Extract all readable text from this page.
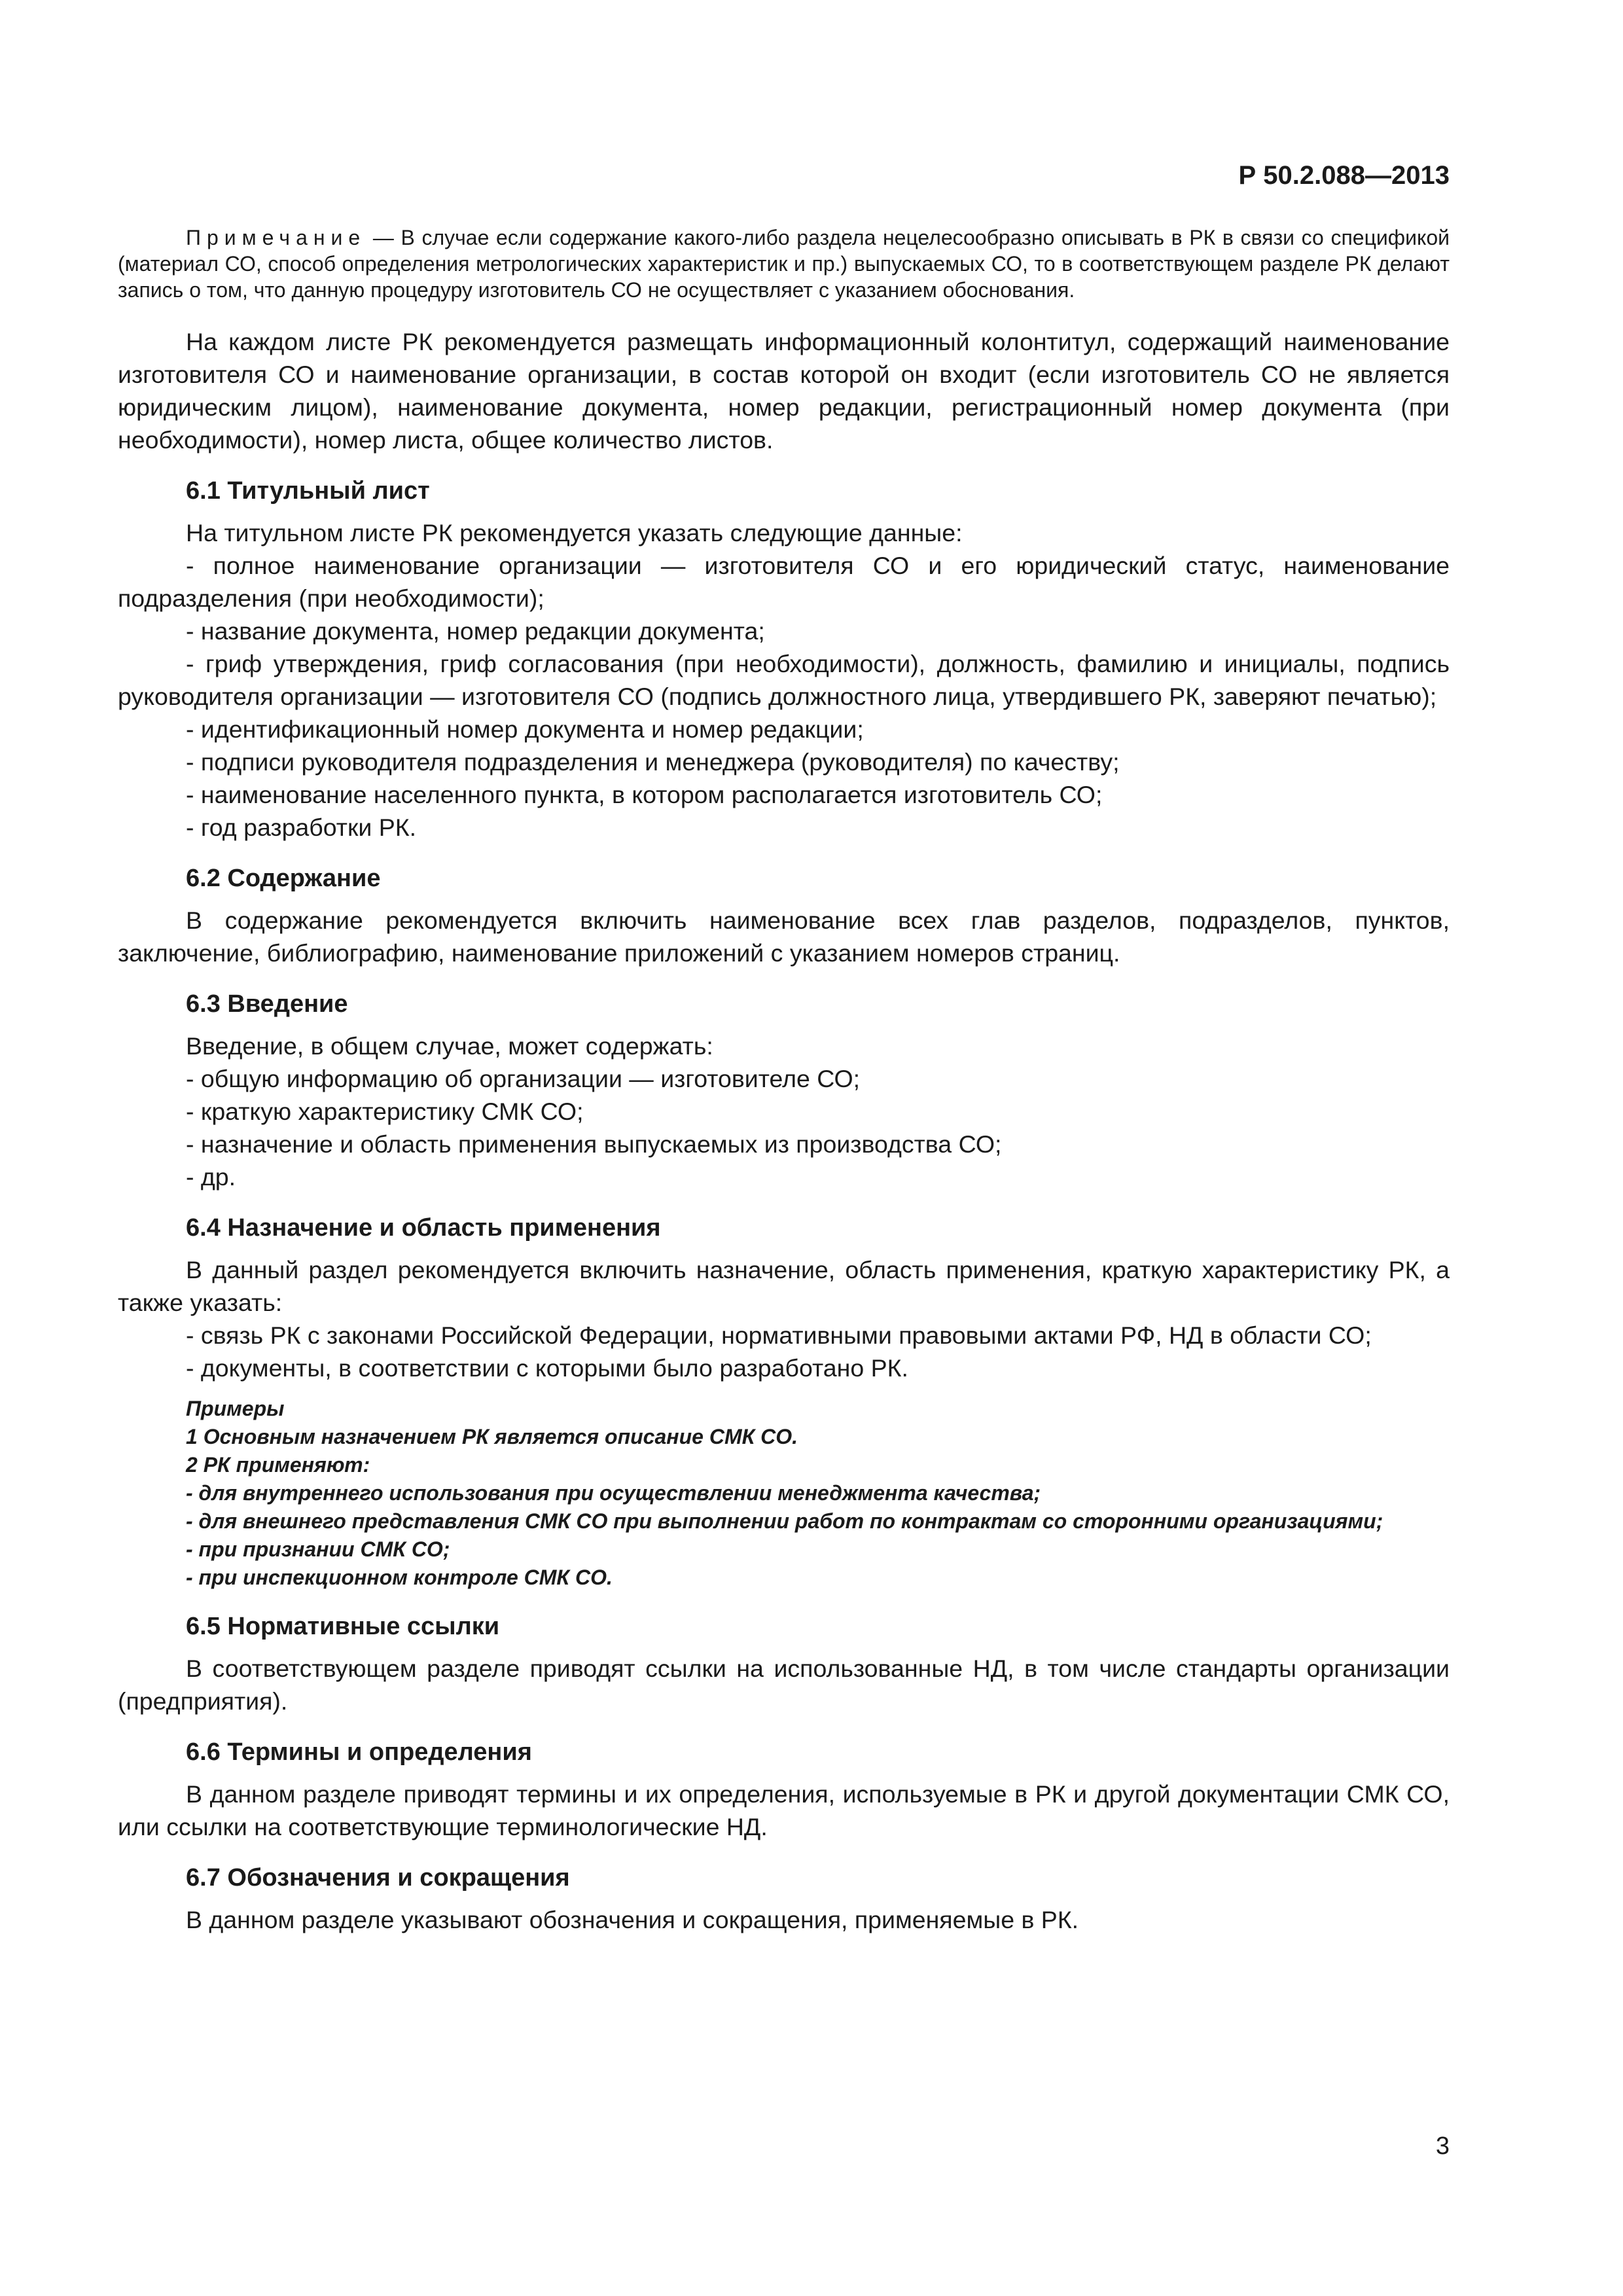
Р 50.2.088—2013

Примечание — В случае если содержание какого-либо раздела нецелесообразно описывать в РК в связи со спецификой (материал СО, способ определения метрологических характеристик и пр.) выпускаемых СО, то в соответствующем разделе РК делают запись о том, что данную процедуру изготовитель СО не осуществляет с указанием обоснования.

На каждом листе РК рекомендуется размещать информационный колонтитул, содержащий наименование изготовителя СО и наименование организации, в состав которой он входит (если изготовитель СО не является юридическим лицом), наименование документа, номер редакции, регистрационный номер документа (при необходимости), номер листа, общее количество листов.

6.1 Титульный лист

На титульном листе РК рекомендуется указать следующие данные:

- полное наименование организации — изготовителя СО и его юридический статус, наименование подразделения (при необходимости);

- название документа, номер редакции документа;

- гриф утверждения, гриф согласования (при необходимости), должность, фамилию и инициалы, подпись руководителя организации — изготовителя СО (подпись должностного лица, утвердившего РК, заверяют печатью);

- идентификационный номер документа и номер редакции;

- подписи руководителя подразделения и менеджера (руководителя) по качеству;

- наименование населенного пункта, в котором располагается изготовитель СО;

- год разработки РК.

6.2 Содержание

В содержание рекомендуется включить наименование всех глав разделов, подразделов, пунктов, заключение, библиографию, наименование приложений с указанием номеров страниц.

6.3 Введение

Введение, в общем случае, может содержать:

- общую информацию об организации — изготовителе СО;

- краткую характеристику СМК СО;

- назначение и область применения выпускаемых из производства СО;

- др.

6.4 Назначение и область применения

В данный раздел рекомендуется включить назначение, область применения, краткую характеристику РК, а также указать:

- связь РК с законами Российской Федерации, нормативными правовыми актами РФ, НД в области СО;

- документы, в соответствии с которыми было разработано РК.

Примеры

1 Основным назначением РК является описание СМК СО.

2 РК применяют:

- для внутреннего использования при осуществлении менеджмента качества;

- для внешнего представления СМК СО при выполнении работ по контрактам со сторонними организациями;

- при признании СМК СО;

- при инспекционном контроле СМК СО.

6.5 Нормативные ссылки

В соответствующем разделе приводят ссылки на использованные НД, в том числе стандарты организации (предприятия).

6.6 Термины и определения

В данном разделе приводят термины и их определения, используемые в РК и другой документации СМК СО, или ссылки на соответствующие терминологические НД.

6.7 Обозначения и сокращения

В данном разделе указывают обозначения и сокращения, применяемые в РК.

3
